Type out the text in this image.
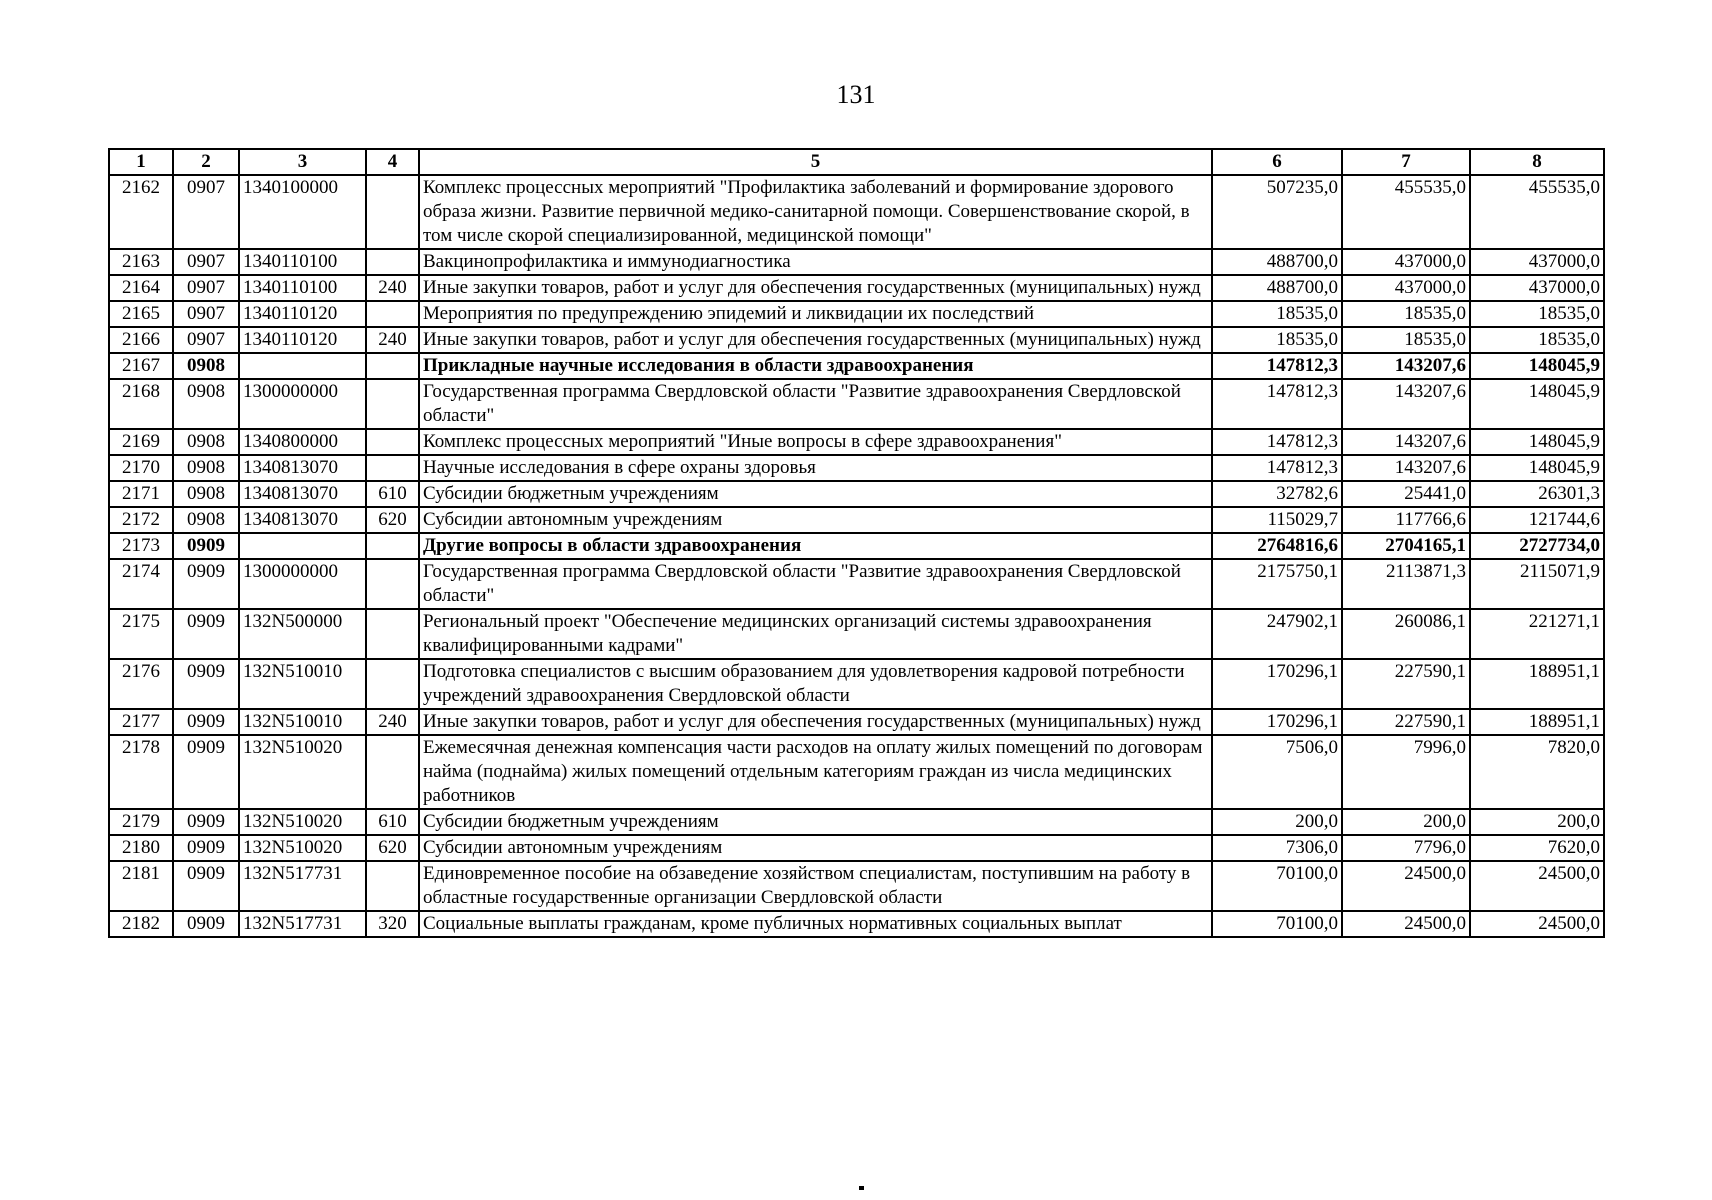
131
1	2	3	4	5	6	7	8
2162	0907	1340100000		Комплекс процессных мероприятий "Профилактика заболеваний и формирование здорового образа жизни. Развитие первичной медико-санитарной помощи. Совершенствование скорой, в том числе скорой специализированной, медицинской помощи"	507235,0	455535,0	455535,0
2163	0907	1340110100		Вакцинопрофилактика и иммунодиагностика	488700,0	437000,0	437000,0
2164	0907	1340110100	240	Иные закупки товаров, работ и услуг для обеспечения государственных (муниципальных) нужд	488700,0	437000,0	437000,0
2165	0907	1340110120		Мероприятия по предупреждению эпидемий и ликвидации их последствий	18535,0	18535,0	18535,0
2166	0907	1340110120	240	Иные закупки товаров, работ и услуг для обеспечения государственных (муниципальных) нужд	18535,0	18535,0	18535,0
2167	0908			Прикладные научные исследования в области здравоохранения	147812,3	143207,6	148045,9
2168	0908	1300000000		Государственная программа Свердловской области "Развитие здравоохранения Свердловской области"	147812,3	143207,6	148045,9
2169	0908	1340800000		Комплекс процессных мероприятий "Иные вопросы в сфере здравоохранения"	147812,3	143207,6	148045,9
2170	0908	1340813070		Научные исследования в сфере охраны здоровья	147812,3	143207,6	148045,9
2171	0908	1340813070	610	Субсидии бюджетным учреждениям	32782,6	25441,0	26301,3
2172	0908	1340813070	620	Субсидии автономным учреждениям	115029,7	117766,6	121744,6
2173	0909			Другие вопросы в области здравоохранения	2764816,6	2704165,1	2727734,0
2174	0909	1300000000		Государственная программа Свердловской области "Развитие здравоохранения Свердловской области"	2175750,1	2113871,3	2115071,9
2175	0909	132N500000		Региональный проект "Обеспечение медицинских организаций системы здравоохранения квалифицированными кадрами"	247902,1	260086,1	221271,1
2176	0909	132N510010		Подготовка специалистов с высшим образованием для удовлетворения кадровой потребности учреждений здравоохранения Свердловской области	170296,1	227590,1	188951,1
2177	0909	132N510010	240	Иные закупки товаров, работ и услуг для обеспечения государственных (муниципальных) нужд	170296,1	227590,1	188951,1
2178	0909	132N510020		Ежемесячная денежная компенсация части расходов на оплату жилых помещений по договорам найма (поднайма) жилых помещений отдельным категориям граждан из числа медицинских работников	7506,0	7996,0	7820,0
2179	0909	132N510020	610	Субсидии бюджетным учреждениям	200,0	200,0	200,0
2180	0909	132N510020	620	Субсидии автономным учреждениям	7306,0	7796,0	7620,0
2181	0909	132N517731		Единовременное пособие на обзаведение хозяйством специалистам, поступившим на работу в областные государственные организации Свердловской области	70100,0	24500,0	24500,0
2182	0909	132N517731	320	Социальные выплаты гражданам, кроме публичных нормативных социальных выплат	70100,0	24500,0	24500,0
